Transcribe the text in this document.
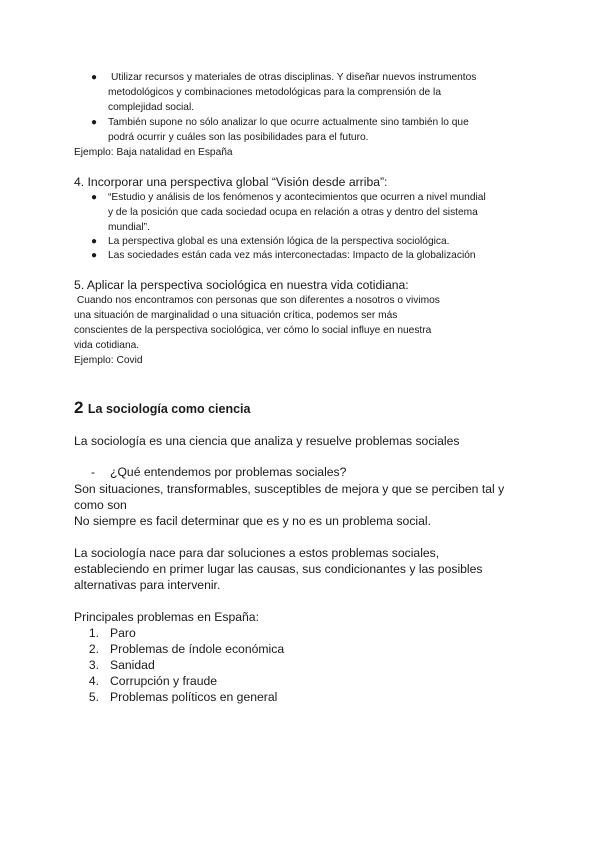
● Utilizar recursos y materiales de otras disciplinas. Y diseñar nuevos instrumentos
metodológicos y combinaciones metodológicas para la comprensión de la
complejidad social.
● También supone no sólo analizar lo que ocurre actualmente sino también lo que
podrá ocurrir y cuáles son las posibilidades para el futuro.
Ejemplo: Baja natalidad en España
4. Incorporar una perspectiva global “Visión desde arriba”:
● “Estudio y análisis de los fenómenos y acontecimientos que ocurren a nivel mundial
y de la posición que cada sociedad ocupa en relación a otras y dentro del sistema
mundial”.
● La perspectiva global es una extensión lógica de la perspectiva sociológica.
● Las sociedades están cada vez más interconectadas: Impacto de la globalización
5. Aplicar la perspectiva sociológica en nuestra vida cotidiana:
Cuando nos encontramos con personas que son diferentes a nosotros o vivimos
una situación de marginalidad o una situación crítica, podemos ser más
conscientes de la perspectiva sociológica, ver cómo lo social influye en nuestra
vida cotidiana.
Ejemplo: Covid
2 La sociología como ciencia
La sociología es una ciencia que analiza y resuelve problemas sociales
- ¿Qué entendemos por problemas sociales?
Son situaciones, transformables, susceptibles de mejora y que se perciben tal y
como son
No siempre es facil determinar que es y no es un problema social.
La sociología nace para dar soluciones a estos problemas sociales,
estableciendo en primer lugar las causas, sus condicionantes y las posibles
alternativas para intervenir.
Principales problemas en España:
1. Paro
2. Problemas de índole económica
3. Sanidad
4. Corrupción y fraude
5. Problemas políticos en general
